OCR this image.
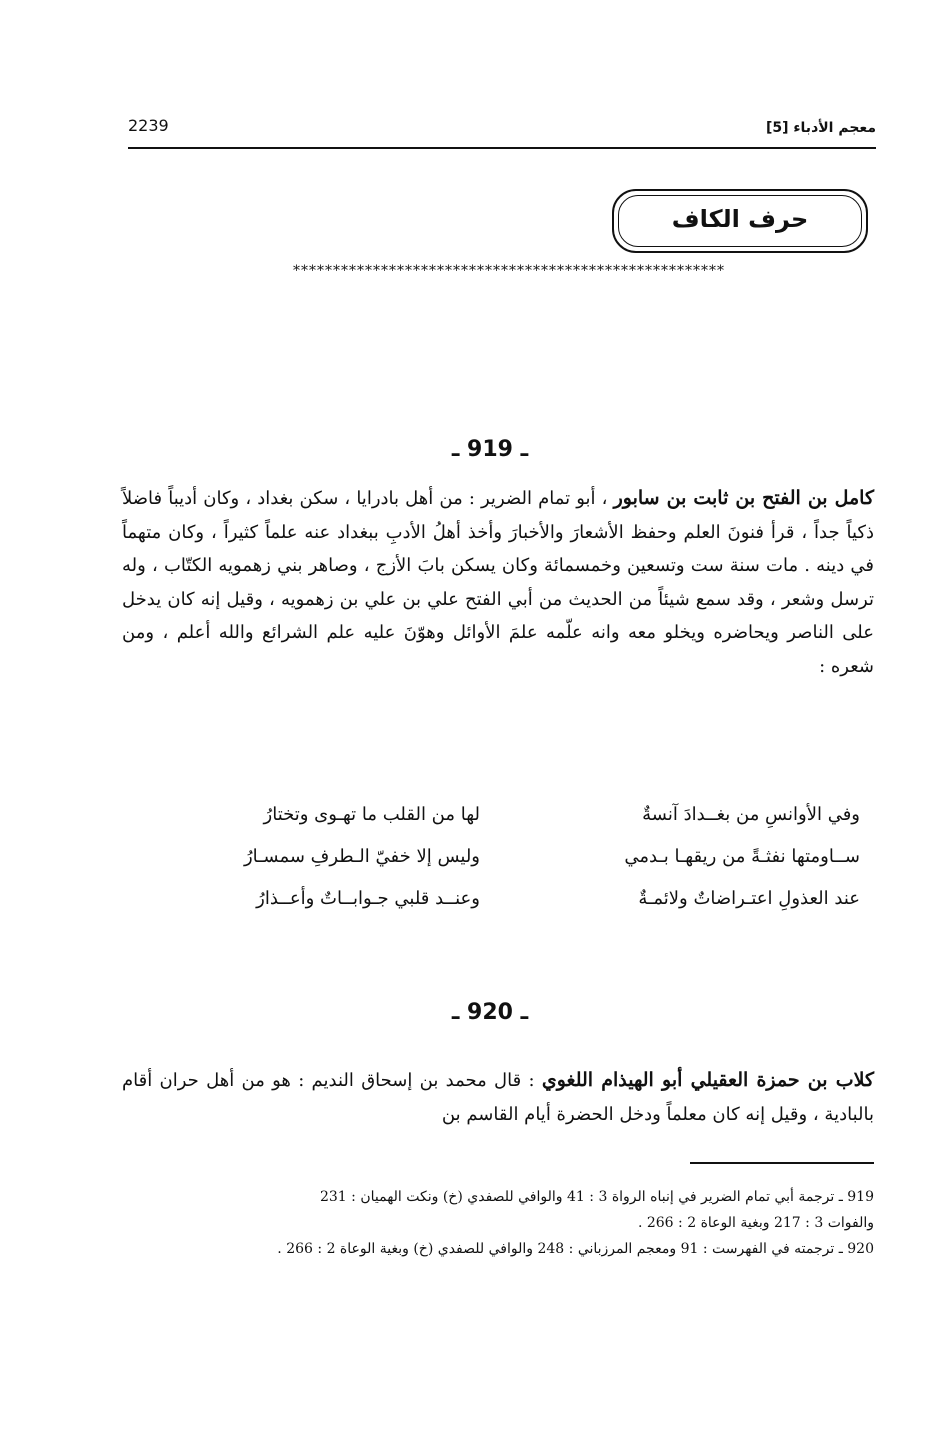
2239	معجم الأدباء [5]
حرف الكاف
******************************************************
ـ 919 ـ
كامل بن الفتح بن ثابت بن سابور ، أبو تمام الضرير : من أهل بادرايا ، سكن بغداد ، وكان أديباً فاضلاً ذكياً جداً ، قرأ فنونَ العلم وحفظ الأشعارَ والأخبارَ وأخذ أهلُ الأدبِ ببغداد عنه علماً كثيراً ، وكان متهماً في دينه . مات سنة ست وتسعين وخمسمائة وكان يسكن بابَ الأزج ، وصاهر بني زهمويه الكتّاب ، وله ترسل وشعر ، وقد سمع شيئاً من الحديث من أبي الفتح علي بن علي بن زهمويه ، وقيل إنه كان يدخل على الناصر ويحاضره ويخلو معه وانه علّمه علمَ الأوائل وهوّنَ عليه علم الشرائع والله أعلم ، ومن شعره :
وفي الأوانسِ من بغــدادَ آنسةٌ
لها من القلب ما تهـوى وتختارُ
ســاومتها نفثـةً من ريقهـا بـدمي
وليس إلا خفيّ الـطرفِ سمسـارُ
عند العذولِ اعتـراضاتٌ ولائمـةٌ
وعنــد قلبي جـوابــاتٌ وأعــذارُ
ـ 920 ـ
كلاب بن حمزة العقيلي أبو الهيذام اللغوي : قال محمد بن إسحاق النديم : هو من أهل حران أقام بالبادية ، وقيل إنه كان معلماً ودخل الحضرة أيام القاسم بن
919 ـ ترجمة أبي تمام الضرير في إنباه الرواة 3 : 41 والوافي للصفدي (خ) ونكت الهميان : 231
والفوات 3 : 217 وبغية الوعاة 2 : 266 .
920 ـ ترجمته في الفهرست : 91 ومعجم المرزباني : 248 والوافي للصفدي (خ) وبغية الوعاة 2 : 266 .
